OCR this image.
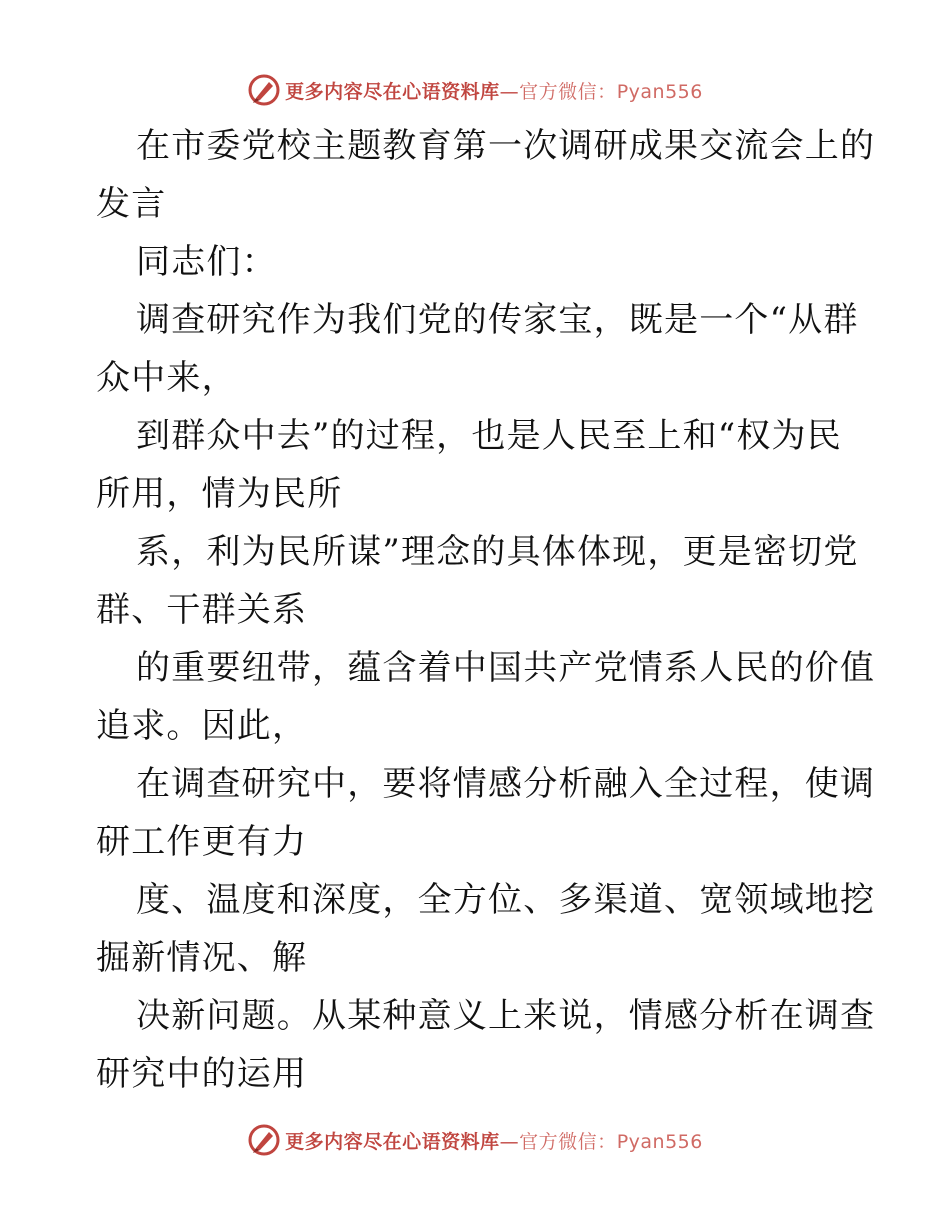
更多内容尽在心语资料库—官方微信：Pyan556

在市委党校主题教育第一次调研成果交流会上的

发言

同志们：

调查研究作为我们党的传家宝，既是一个“从群

众中来，

到群众中去”的过程，也是人民至上和“权为民

所用，情为民所

系，利为民所谋”理念的具体体现，更是密切党

群、干群关系

的重要纽带，蕴含着中国共产党情系人民的价值

追求。因此，

在调查研究中，要将情感分析融入全过程，使调

研工作更有力

度、温度和深度，全方位、多渠道、宽领域地挖

掘新情况、解

决新问题。从某种意义上来说，情感分析在调查

研究中的运用

更多内容尽在心语资料库—官方微信：Pyan556
